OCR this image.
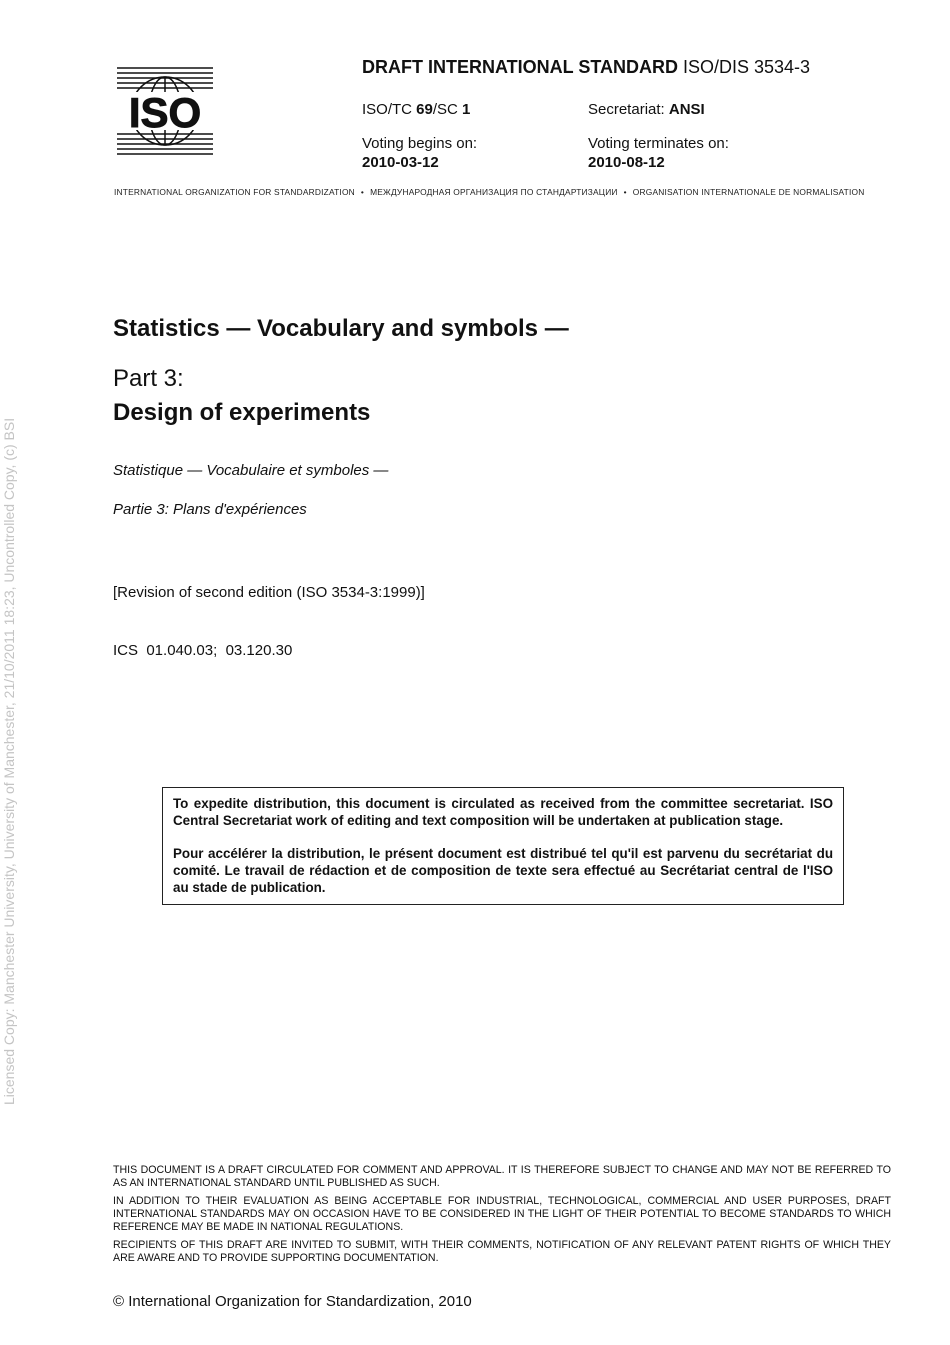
ISO
DRAFT INTERNATIONAL STANDARD ISO/DIS 3534-3
ISO/TC 69/SC 1	Secretariat: ANSI
Voting begins on:
2010-03-12
Voting terminates on:
2010-08-12
INTERNATIONAL ORGANIZATION FOR STANDARDIZATION • МЕЖДУНАРОДНАЯ ОРГАНИЗАЦИЯ ПО СТАНДАРТИЗАЦИИ • ORGANISATION INTERNATIONALE DE NORMALISATION
Licensed Copy: Manchester University, University of Manchester, 21/10/2011 18:23, Uncontrolled Copy, (c) BSI
Statistics — Vocabulary and symbols —
Part 3:
Design of experiments
Statistique — Vocabulaire et symboles —
Partie 3: Plans d'expériences
[Revision of second edition (ISO 3534-3:1999)]
ICS  01.040.03;  03.120.30

To expedite distribution, this document is circulated as received from the committee secretariat. ISO Central Secretariat work of editing and text composition will be undertaken at publication stage.

Pour accélérer la distribution, le présent document est distribué tel qu'il est parvenu du secrétariat du comité. Le travail de rédaction et de composition de texte sera effectué au Secrétariat central de l'ISO au stade de publication.

THIS DOCUMENT IS A DRAFT CIRCULATED FOR COMMENT AND APPROVAL. IT IS THEREFORE SUBJECT TO CHANGE AND MAY NOT BE REFERRED TO AS AN INTERNATIONAL STANDARD UNTIL PUBLISHED AS SUCH.

IN ADDITION TO THEIR EVALUATION AS BEING ACCEPTABLE FOR INDUSTRIAL, TECHNOLOGICAL, COMMERCIAL AND USER PURPOSES, DRAFT INTERNATIONAL STANDARDS MAY ON OCCASION HAVE TO BE CONSIDERED IN THE LIGHT OF THEIR POTENTIAL TO BECOME STANDARDS TO WHICH REFERENCE MAY BE MADE IN NATIONAL REGULATIONS.

RECIPIENTS OF THIS DRAFT ARE INVITED TO SUBMIT, WITH THEIR COMMENTS, NOTIFICATION OF ANY RELEVANT PATENT RIGHTS OF WHICH THEY ARE AWARE AND TO PROVIDE SUPPORTING DOCUMENTATION.

© International Organization for Standardization, 2010
